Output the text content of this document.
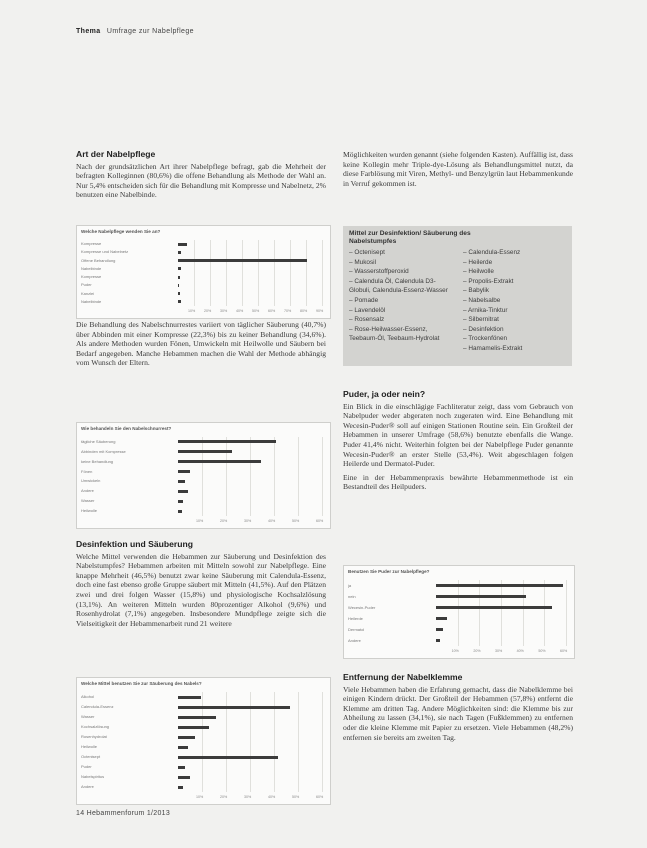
Thema Umfrage zur Nabelpflege
Art der Nabelpflege

Nach der grundsätzlichen Art ihrer Nabelpflege befragt, gab die Mehrheit der befragten Kolleginnen (80,6%) die offene Behandlung als Methode der Wahl an. Nur 5,4% entscheiden sich für die Behandlung mit Kompresse und Nabelnetz, 2% benutzen eine Nabelbinde.

Welche Nabelpflege wenden Sie an?
10% 20% 30% 40% 50% 60% 70% 80% 90%
Kompresse
Kompresse und Nabelnetz
Offene Behandlung
Nabelbinde
Kompresse
Puder
Kanzlei
Nabelbinde

Die Behandlung des Nabelschnurrestes variiert von täglicher Säuberung (40,7%) über Abbinden mit einer Kompresse (22,3%) bis zu keiner Behandlung (34,6%). Als andere Methoden wurden Fönen, Umwickeln mit Heilwolle und Säubern bei Bedarf angegeben. Manche Hebammen machen die Wahl der Methode abhängig vom Wunsch der Eltern.

Wie behandeln Sie den Nabelschnurrest?
10%	20%	30%	40%	50%	60%
tägliche Säuberung
Abbinden mit Kompresse
keine Behandlung
Fönen
Umwickeln
Andere
Wasser
Heilwolle
Desinfektion und Säuberung

Welche Mittel verwenden die Hebammen zur Säuberung und Desinfektion des Nabelstumpfes? Hebammen arbeiten mit Mitteln sowohl zur Nabelpflege. Eine knappe Mehrheit (46,5%) benutzt zwar keine Säuberung mit Calendula-Essenz, doch eine fast ebenso große Gruppe säubert mit Mitteln (41,5%). Auf den Plätzen zwei und drei folgen Wasser (15,8%) und physiologische Kochsalzlösung (13,1%). An weiteren Mitteln wurden 80prozentiger Alkohol (9,6%) und Rosenhydrolat (7,1%) angegeben. Insbesondere Mundpflege zeigte sich die Vielseitigkeit der Hebammenarbeit rund 21 weitere

Welche Mittel benutzen Sie zur Säuberung des Nabels?
10%	20%	30%	40%	50%	60%
Alkohol
Calendula-Essenz
Wasser
Kochsalzlösung
Rosenhydrolat
Heilwolle
Octenisept
Puder
Nabelspiritus
Andere

Möglichkeiten wurden genannt (siehe folgenden Kasten). Auffällig ist, dass keine Kollegin mehr Triple-dye-Lösung als Behandlungsmittel nutzt, da diese Farblösung mit Viren, Methyl- und Benzylgrün laut Hebammenkunde in Verruf gekommen ist.

Mittel zur Desinfektion/ Säuberung des Nabelstumpfes
– Octenisept
– Mukosil
– Wasserstoffperoxid
– Calendula Öl, Calendula D3-Globuli, Calendula-Essenz-Wasser
– Pomade
– Lavendelöl
– Rosensalz
– Rose-Heilwasser-Essenz, Teebaum-Öl, Teebaum-Hydrolat
– Calendula-Essenz
– Heilerde
– Heilwolle
– Propolis-Extrakt
– Babylik
– Nabelsalbe
– Arnika-Tinktur
– Silbernitrat
– Desinfektion
– Trockenfönen
– Hamamelis-Extrakt
Puder, ja oder nein?

Ein Blick in die einschlägige Fachliteratur zeigt, dass vom Gebrauch von Nabelpuder weder abgeraten noch zugeraten wird. Eine Behandlung mit Wecesin-Puder® soll auf einigen Stationen Routine sein. Ein Großteil der Hebammen in unserer Umfrage (58,6%) benutzte ebenfalls die Wange. Puder 41,4% nicht. Weiterhin folgten bei der Nabelpflege Puder genannte Wecesin-Puder® an erster Stelle (53,4%). Weit abgeschlagen folgen Heilerde und Dermatol-Puder.

Eine in der Hebammenpraxis bewährte Hebammenmethode ist ein Bestandteil des Heilpuders.

Benutzen Sie Puder zur Nabelpflege?
10%	20%	30%	40%	50%	60%
ja
nein
Wecesin-Puder
Heilerde
Dermatol
Andere
Entfernung der Nabelklemme

Viele Hebammen haben die Erfahrung gemacht, dass die Nabelklemme bei einigen Kindern drückt. Der Großteil der Hebammen (57,8%) entfernt die Klemme am dritten Tag. Andere Möglichkeiten sind: die Klemme bis zur Abheilung zu lassen (34,1%), sie nach Tagen (Fußklemmen) zu entfernen oder die kleine Klemme mit Papier zu ersetzen. Viele Hebammen (48,2%) entfernen sie bereits am zweiten Tag.

14 Hebammenforum 1/2013
